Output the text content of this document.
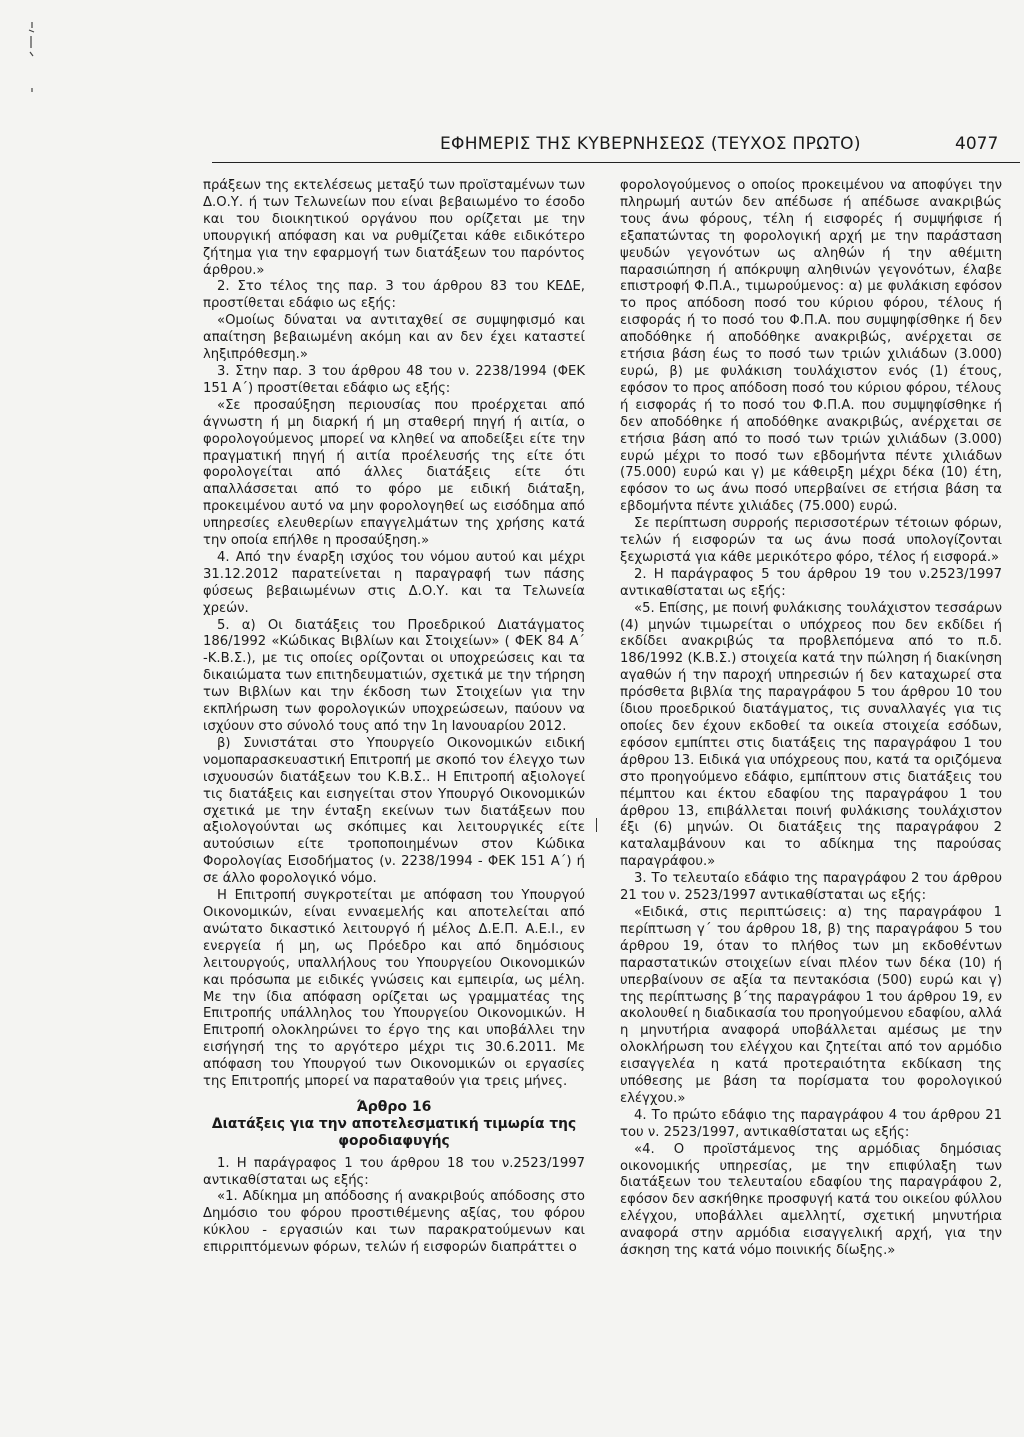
ΕΦΗΜΕΡΙΣ ΤΗΣ ΚΥΒΕΡΝΗΣΕΩΣ (ΤΕΥΧΟΣ ΠΡΩΤΟ)	4077

πράξεων της εκτελέσεως μεταξύ των προϊσταμένων των Δ.Ο.Υ. ή των Τελωνείων που είναι βεβαιωμένο το έσοδο και του διοικητικού οργάνου που ορίζεται με την υπουργική απόφαση και να ρυθμίζεται κάθε ειδικότερο ζήτημα για την εφαρμογή των διατάξεων του παρόντος άρθρου.»

2. Στο τέλος της παρ. 3 του άρθρου 83 του ΚΕΔΕ, προστίθεται εδάφιο ως εξής:

«Ομοίως δύναται να αντιταχθεί σε συμψηφισμό και απαίτηση βεβαιωμένη ακόμη και αν δεν έχει καταστεί ληξιπρόθεσμη.»

3. Στην παρ. 3 του άρθρου 48 του ν. 2238/1994 (ΦΕΚ 151 Α΄) προστίθεται εδάφιο ως εξής:

«Σε προσαύξηση περιουσίας που προέρχεται από άγνωστη ή μη διαρκή ή μη σταθερή πηγή ή αιτία, ο φορολογούμενος μπορεί να κληθεί να αποδείξει είτε την πραγματική πηγή ή αιτία προέλευσής της είτε ότι φορολογείται από άλλες διατάξεις είτε ότι απαλλάσσεται από το φόρο με ειδική διάταξη, προκειμένου αυτό να μην φορολογηθεί ως εισόδημα από υπηρεσίες ελευθερίων επαγγελμάτων της χρήσης κατά την οποία επήλθε η προσαύξηση.»

4. Από την έναρξη ισχύος του νόμου αυτού και μέχρι 31.12.2012 παρατείνεται η παραγραφή των πάσης φύσεως βεβαιωμένων στις Δ.Ο.Υ. και τα Τελωνεία χρεών.

5. α) Οι διατάξεις του Προεδρικού Διατάγματος 186/1992 «Κώδικας Βιβλίων και Στοιχείων» ( ΦΕΚ 84 Α΄ -Κ.Β.Σ.), με τις οποίες ορίζονται οι υποχρεώσεις και τα δικαιώματα των επιτηδευματιών, σχετικά με την τήρηση των Βιβλίων και την έκδοση των Στοιχείων για την εκπλήρωση των φορολογικών υποχρεώσεων, παύουν να ισχύουν στο σύνολό τους από την 1η Ιανουαρίου 2012.

β) Συνιστάται στο Υπουργείο Οικονομικών ειδική νομοπαρασκευαστική Επιτροπή με σκοπό τον έλεγχο των ισχυουσών διατάξεων του Κ.Β.Σ.. Η Επιτροπή αξιολογεί τις διατάξεις και εισηγείται στον Υπουργό Οικονομικών σχετικά με την ένταξη εκείνων των διατάξεων που αξιολογούνται ως σκόπιμες και λειτουργικές είτε αυτούσιων είτε τροποποιημένων στον Κώδικα Φορολογίας Εισοδήματος (ν. 2238/1994 - ΦΕΚ 151 Α΄) ή σε άλλο φορολογικό νόμο.

Η Επιτροπή συγκροτείται με απόφαση του Υπουργού Οικονομικών, είναι ενναεμελής και αποτελείται από ανώτατο δικαστικό λειτουργό ή μέλος Δ.Ε.Π. Α.Ε.Ι., εν ενεργεία ή μη, ως Πρόεδρο και από δημόσιους λειτουργούς, υπαλλήλους του Υπουργείου Οικονομικών και πρόσωπα με ειδικές γνώσεις και εμπειρία, ως μέλη. Με την ίδια απόφαση ορίζεται ως γραμματέας της Επιτροπής υπάλληλος του Υπουργείου Οικονομικών. Η Επιτροπή ολοκληρώνει το έργο της και υποβάλλει την εισήγησή της το αργότερο μέχρι τις 30.6.2011. Με απόφαση του Υπουργού των Οικονομικών οι εργασίες της Επιτροπής μπορεί να παραταθούν για τρεις μήνες.

Άρθρο 16
Διατάξεις για την αποτελεσματική τιμωρία της φοροδιαφυγής

1. Η παράγραφος 1 του άρθρου 18 του ν.2523/1997 αντικαθίσταται ως εξής:

«1. Αδίκημα μη απόδοσης ή ανακριβούς απόδοσης στο Δημόσιο του φόρου προστιθέμενης αξίας, του φόρου κύκλου - εργασιών και των παρακρατούμενων και επιρριπτόμενων φόρων, τελών ή εισφορών διαπράττει ο

φορολογούμενος ο οποίος προκειμένου να αποφύγει την πληρωμή αυτών δεν απέδωσε ή απέδωσε ανακριβώς τους άνω φόρους, τέλη ή εισφορές ή συμψήφισε ή εξαπατώντας τη φορολογική αρχή με την παράσταση ψευδών γεγονότων ως αληθών ή την αθέμιτη παρασιώπηση ή απόκρυψη αληθινών γεγονότων, έλαβε επιστροφή Φ.Π.Α., τιμωρούμενος: α) με φυλάκιση εφόσον το προς απόδοση ποσό του κύριου φόρου, τέλους ή εισφοράς ή το ποσό του Φ.Π.Α. που συμψηφίσθηκε ή δεν αποδόθηκε ή αποδόθηκε ανακριβώς, ανέρχεται σε ετήσια βάση έως το ποσό των τριών χιλιάδων (3.000) ευρώ, β) με φυλάκιση τουλάχιστον ενός (1) έτους, εφόσον το προς απόδοση ποσό του κύριου φόρου, τέλους ή εισφοράς ή το ποσό του Φ.Π.Α. που συμψηφίσθηκε ή δεν αποδόθηκε ή αποδόθηκε ανακριβώς, ανέρχεται σε ετήσια βάση από το ποσό των τριών χιλιάδων (3.000) ευρώ μέχρι το ποσό των εβδομήντα πέντε χιλιάδων (75.000) ευρώ και γ) με κάθειρξη μέχρι δέκα (10) έτη, εφόσον το ως άνω ποσό υπερβαίνει σε ετήσια βάση τα εβδομήντα πέντε χιλιάδες (75.000) ευρώ.

Σε περίπτωση συρροής περισσοτέρων τέτοιων φόρων, τελών ή εισφορών τα ως άνω ποσά υπολογίζονται ξεχωριστά για κάθε μερικότερο φόρο, τέλος ή εισφορά.»

2. Η παράγραφος 5 του άρθρου 19 του ν.2523/1997 αντικαθίσταται ως εξής:

«5. Επίσης, με ποινή φυλάκισης τουλάχιστον τεσσάρων (4) μηνών τιμωρείται ο υπόχρεος που δεν εκδίδει ή εκδίδει ανακριβώς τα προβλεπόμενα από το π.δ. 186/1992 (Κ.Β.Σ.) στοιχεία κατά την πώληση ή διακίνηση αγαθών ή την παροχή υπηρεσιών ή δεν καταχωρεί στα πρόσθετα βιβλία της παραγράφου 5 του άρθρου 10 του ίδιου προεδρικού διατάγματος, τις συναλλαγές για τις οποίες δεν έχουν εκδοθεί τα οικεία στοιχεία εσόδων, εφόσον εμπίπτει στις διατάξεις της παραγράφου 1 του άρθρου 13. Ειδικά για υπόχρεους που, κατά τα οριζόμενα στο προηγούμενο εδάφιο, εμπίπτουν στις διατάξεις του πέμπτου και έκτου εδαφίου της παραγράφου 1 του άρθρου 13, επιβάλλεται ποινή φυλάκισης τουλάχιστον έξι (6) μηνών. Οι διατάξεις της παραγράφου 2 καταλαμβάνουν και το αδίκημα της παρούσας παραγράφου.»

3. Το τελευταίο εδάφιο της παραγράφου 2 του άρθρου 21 του ν. 2523/1997 αντικαθίσταται ως εξής:

«Ειδικά, στις περιπτώσεις: α) της παραγράφου 1 περίπτωση γ΄ του άρθρου 18, β) της παραγράφου 5 του άρθρου 19, όταν το πλήθος των μη εκδοθέντων παραστατικών στοιχείων είναι πλέον των δέκα (10) ή υπερβαίνουν σε αξία τα πεντακόσια (500) ευρώ και γ) της περίπτωσης β΄της παραγράφου 1 του άρθρου 19, εν ακολουθεί η διαδικασία του προηγούμενου εδαφίου, αλλά η μηνυτήρια αναφορά υποβάλλεται αμέσως με την ολοκλήρωση του ελέγχου και ζητείται από τον αρμόδιο εισαγγελέα η κατά προτεραιότητα εκδίκαση της υπόθεσης με βάση τα πορίσματα του φορολογικού ελέγχου.»

4. Το πρώτο εδάφιο της παραγράφου 4 του άρθρου 21 του ν. 2523/1997, αντικαθίσταται ως εξής:

«4. Ο προϊστάμενος της αρμόδιας δημόσιας οικονομικής υπηρεσίας, με την επιφύλαξη των διατάξεων του τελευταίου εδαφίου της παραγράφου 2, εφόσον δεν ασκήθηκε προσφυγή κατά του οικείου φύλλου ελέγχου, υποβάλλει αμελλητί, σχετική μηνυτήρια αναφορά στην αρμόδια εισαγγελική αρχή, για την άσκηση της κατά νόμο ποινικής δίωξης.»
